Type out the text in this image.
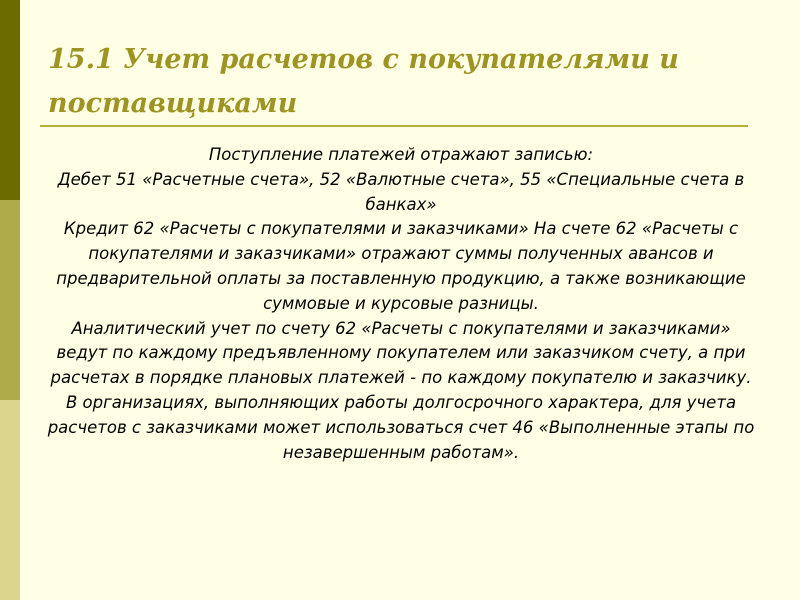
15.1 Учет расчетов с покупателями и поставщиками

Поступление платежей отражают записью:

Дебет 51 «Расчетные счета», 52 «Валютные счета», 55 «Специальные счета в банках»

Кредит 62 «Расчеты с покупателями и заказчиками» На счете 62 «Расчеты с покупателями и заказчиками» отражают суммы полученных авансов и предварительной оплаты за поставленную продукцию, а также возникающие суммовые и курсовые разницы.

Аналитический учет по счету 62 «Расчеты с покупателями и заказчиками» ведут по каждому предъявленному покупателем или заказчиком счету, а при расчетах в порядке плановых платежей - по каждому покупателю и заказчику. В организациях, выполняющих работы долгосрочного характера, для учета расчетов с заказчиками может использоваться счет 46 «Выполненные этапы по незавершенным работам».
